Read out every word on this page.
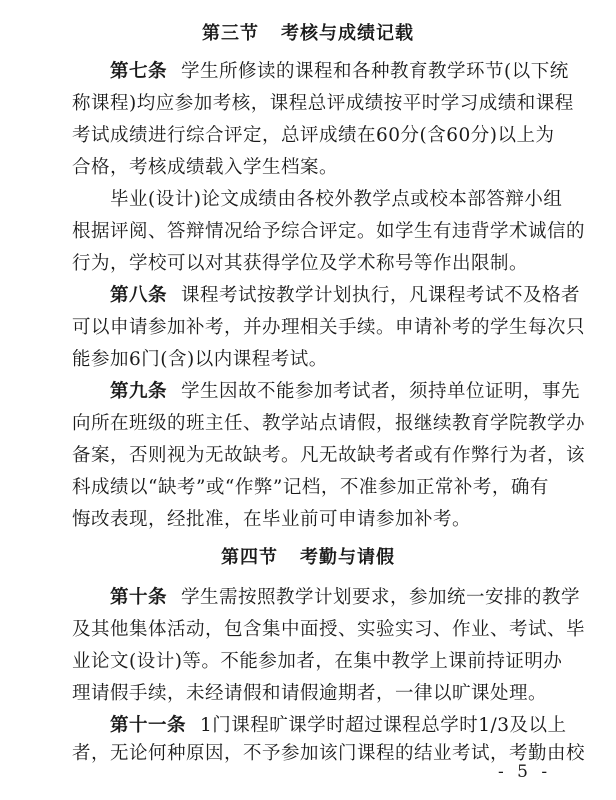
第三节 考核与成绩记载
第七条 学生所修读的课程和各种教育教学环节(以下统
称课程)均应参加考核，课程总评成绩按平时学习成绩和课程
考试成绩进行综合评定，总评成绩在60分(含60分)以上为
合格，考核成绩载入学生档案。
毕业(设计)论文成绩由各校外教学点或校本部答辩小组
根据评阅、答辩情况给予综合评定。如学生有违背学术诚信的
行为，学校可以对其获得学位及学术称号等作出限制。
第八条 课程考试按教学计划执行，凡课程考试不及格者
可以申请参加补考，并办理相关手续。申请补考的学生每次只
能参加6门(含)以内课程考试。
第九条 学生因故不能参加考试者，须持单位证明，事先
向所在班级的班主任、教学站点请假，报继续教育学院教学办
备案，否则视为无故缺考。凡无故缺考者或有作弊行为者，该
科成绩以“缺考”或“作弊”记档，不准参加正常补考，确有
悔改表现，经批准，在毕业前可申请参加补考。
第四节 考勤与请假
第十条 学生需按照教学计划要求，参加统一安排的教学
及其他集体活动，包含集中面授、实验实习、作业、考试、毕
业论文(设计)等。不能参加者，在集中教学上课前持证明办
理请假手续，未经请假和请假逾期者，一律以旷课处理。
第十一条 1门课程旷课学时超过课程总学时1/3及以上
者，无论何种原因，不予参加该门课程的结业考试，考勤由校
- 5 -
